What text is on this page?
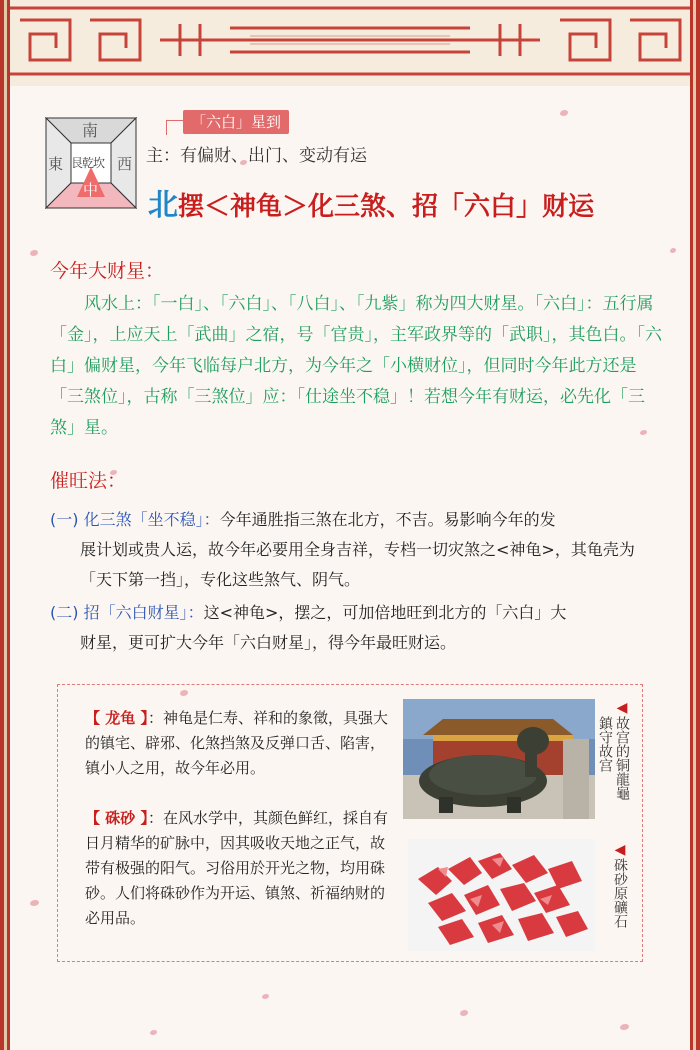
南
東	西
艮乾坎
中
「六白」星到
主：有偏财、出门、变动有运
北摆＜神龟＞化三煞、招「六白」财运
今年大财星：

风水上：「一白」、「六白」、「八白」、「九紫」称为四大财星。「六白」：五行属「金」，上应天上「武曲」之宿，号「官贵」，主军政界等的「武职」，其色白。「六白」偏财星，今年飞临每户北方，为今年之「小横财位」，但同时今年此方还是「三煞位」，古称「三煞位」应：「仕途坐不稳」！若想今年有财运，必先化「三煞」星。

催旺法：
(一) 化三煞「坐不稳」：今年通胜指三煞在北方，不吉。易影响今年的发
展计划或贵人运，故今年必要用全身吉祥，专档一切灾煞之<神龟>，其龟壳为「天下第一挡」，专化这些煞气、阴气。
(二) 招「六白财星」：这<神龟>，摆之，可加倍地旺到北方的「六白」大
财星，更可扩大今年「六白财星」，得今年最旺财运。
【 龙龟 】：神龟是仁寿、祥和的象徵，具强大的镇宅、辟邪、化煞挡煞及反弹口舌、陷害，镇小人之用，故今年必用。
【 硃砂 】：在风水学中，其颜色鲜红，採自有日月精华的矿脉中，因其吸收天地之正气，故带有极强的阳气。习俗用於开光之物，均用硃砂。人们将硃砂作为开运、镇煞、祈福纳财的必用品。
◀故宫的铜龍龜
鎮守故宫
◀硃砂原礦石
